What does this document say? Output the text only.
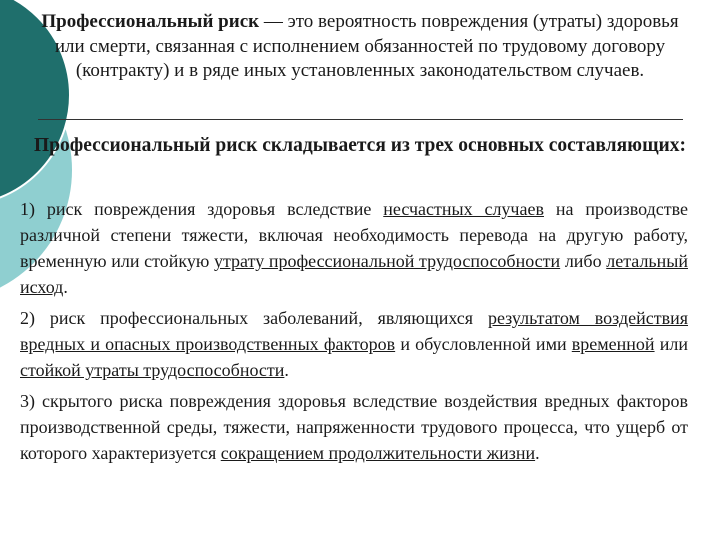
Профессиональный риск — это вероятность повреждения (утраты) здоровья или смерти, связанная с исполнением обязанностей по трудовому договору (контракту) и в ряде иных установленных законодательством случаев.
Профессиональный риск складывается из трех основных составляющих:

1) риск повреждения здоровья вследствие несчастных случаев на производстве различной степени тяжести, включая необходимость перевода на другую работу, временную или стойкую утрату профессиональной трудоспособности либо летальный исход.

2) риск профессиональных заболеваний, являющихся результатом воздействия вредных и опасных производственных факторов и обусловленной ими временной или стойкой утраты трудоспособности.

3) скрытого риска повреждения здоровья вследствие воздействия вредных факторов производственной среды, тяжести, напряженности трудового процесса, что ущерб от которого характеризуется сокращением продолжительности жизни.
